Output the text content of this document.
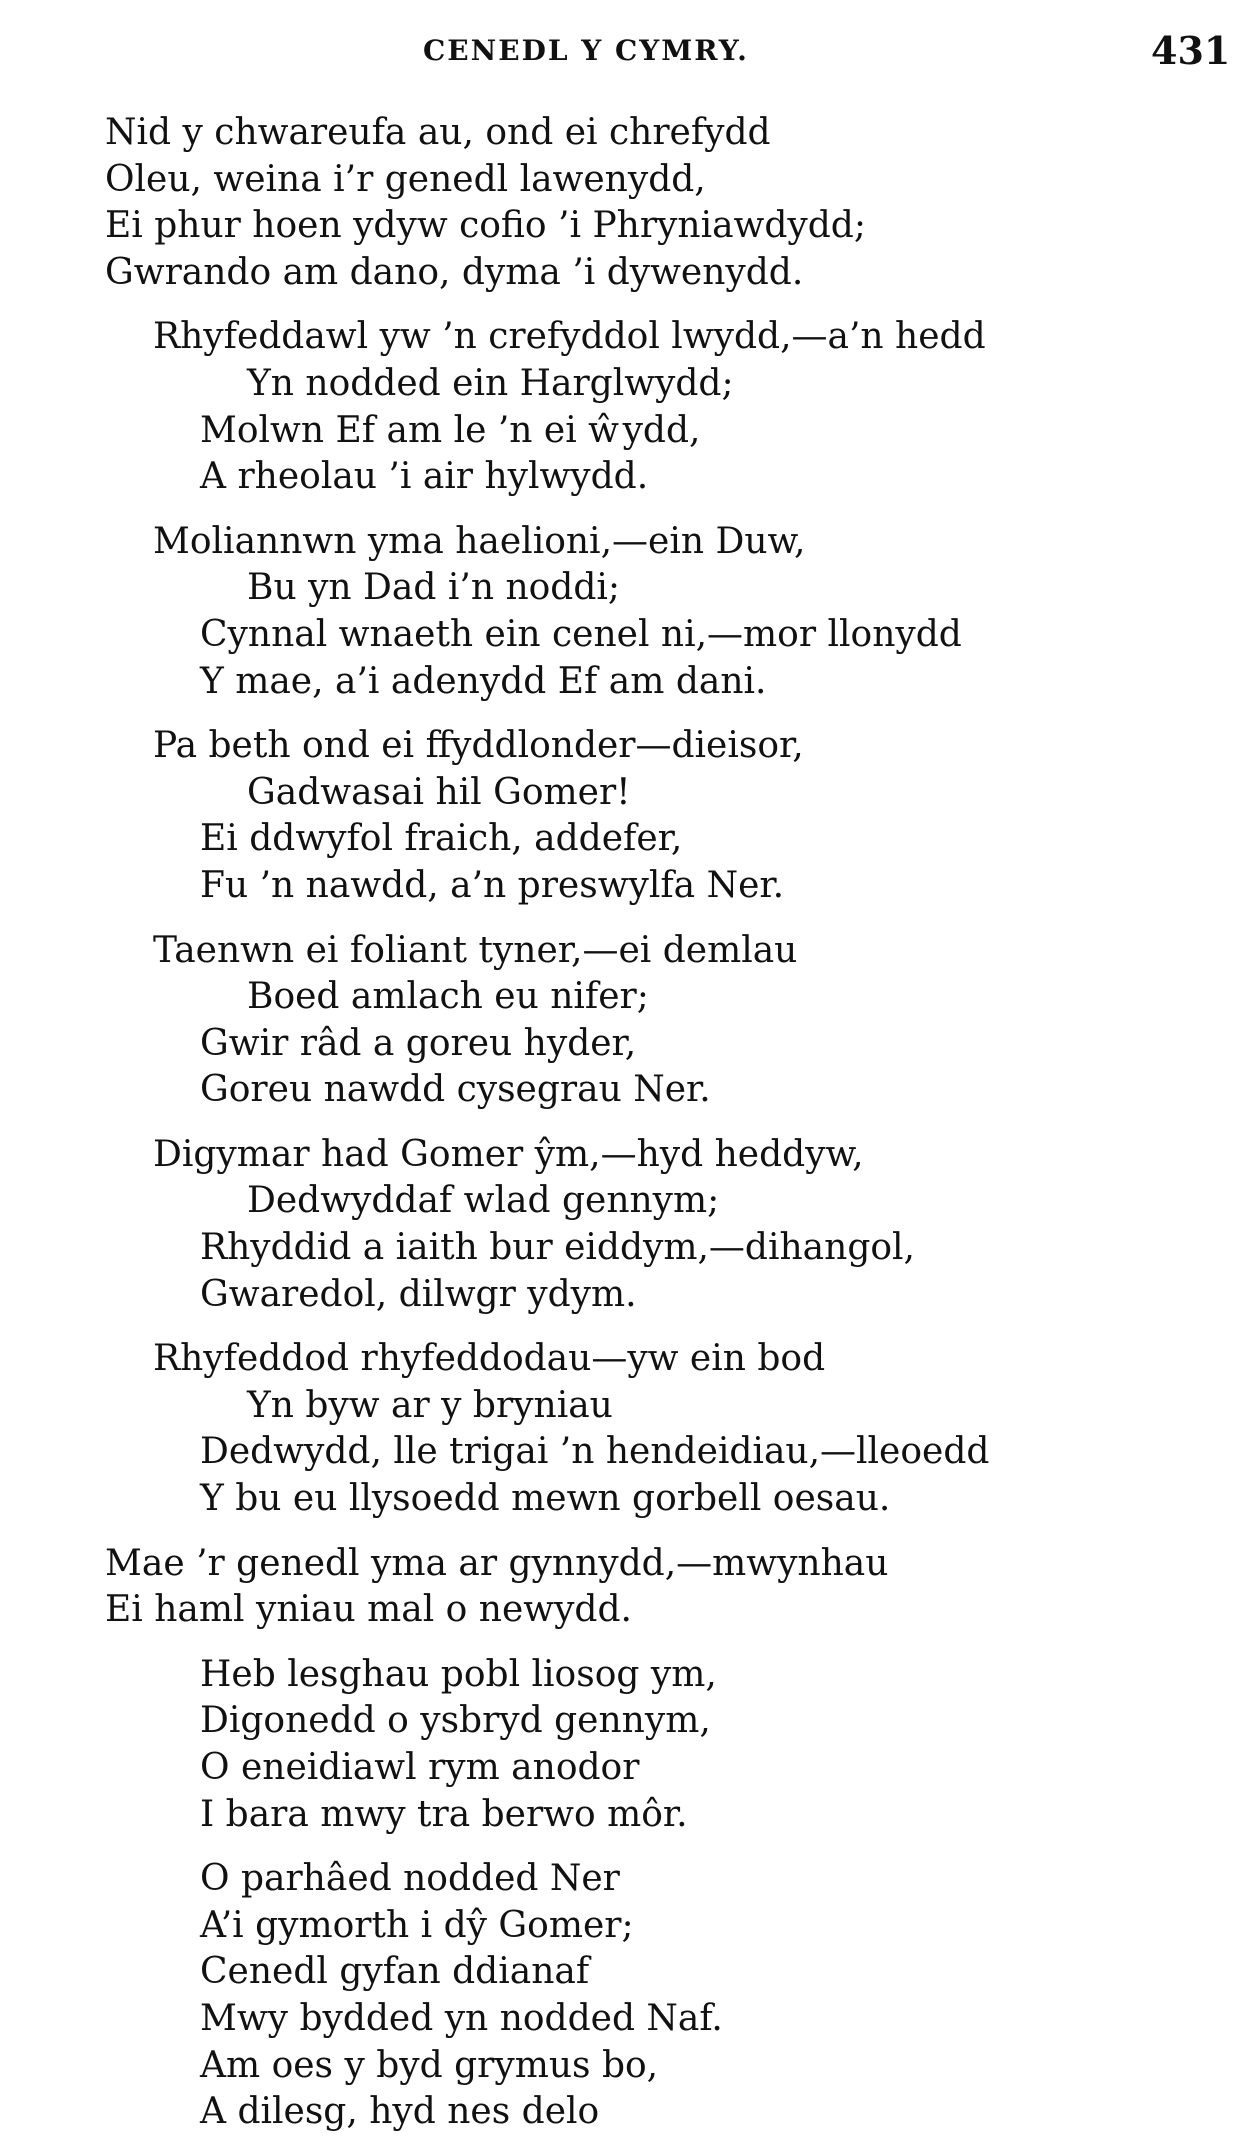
CENEDL Y CYMRY.	431
Nid y chwareufa au, ond ei chrefydd
Oleu, weina i’r genedl lawenydd,
Ei phur hoen ydyw cofio ’i Phryniawdydd;
Gwrando am dano, dyma ’i dywenydd.
Rhyfeddawl yw ’n crefyddol lwydd,—a’n hedd
Yn nodded ein Harglwydd;
Molwn Ef am le ’n ei ŵydd,
A rheolau ’i air hylwydd.
Moliannwn yma haelioni,—ein Duw,
Bu yn Dad i’n noddi;
Cynnal wnaeth ein cenel ni,—mor llonydd
Y mae, a’i adenydd Ef am dani.
Pa beth ond ei ffyddlonder—dieisor,
Gadwasai hil Gomer!
Ei ddwyfol fraich, addefer,
Fu ’n nawdd, a’n preswylfa Ner.
Taenwn ei foliant tyner,—ei demlau
Boed amlach eu nifer;
Gwir râd a goreu hyder,
Goreu nawdd cysegrau Ner.
Digymar had Gomer ŷm,—hyd heddyw,
Dedwyddaf wlad gennym;
Rhyddid a iaith bur eiddym,—dihangol,
Gwaredol, dilwgr ydym.
Rhyfeddod rhyfeddodau—yw ein bod
Yn byw ar y bryniau
Dedwydd, lle trigai ’n hendeidiau,—lleoedd
Y bu eu llysoedd mewn gorbell oesau.
Mae ’r genedl yma ar gynnydd,—mwynhau
Ei haml yniau mal o newydd.
Heb lesghau pobl liosog ym,
Digonedd o ysbryd gennym,
O eneidiawl rym anodor
I bara mwy tra berwo môr.
O parhâed nodded Ner
A’i gymorth i dŷ Gomer;
Cenedl gyfan ddianaf
Mwy bydded yn nodded Naf.
Am oes y byd grymus bo,
A dilesg, hyd nes delo
